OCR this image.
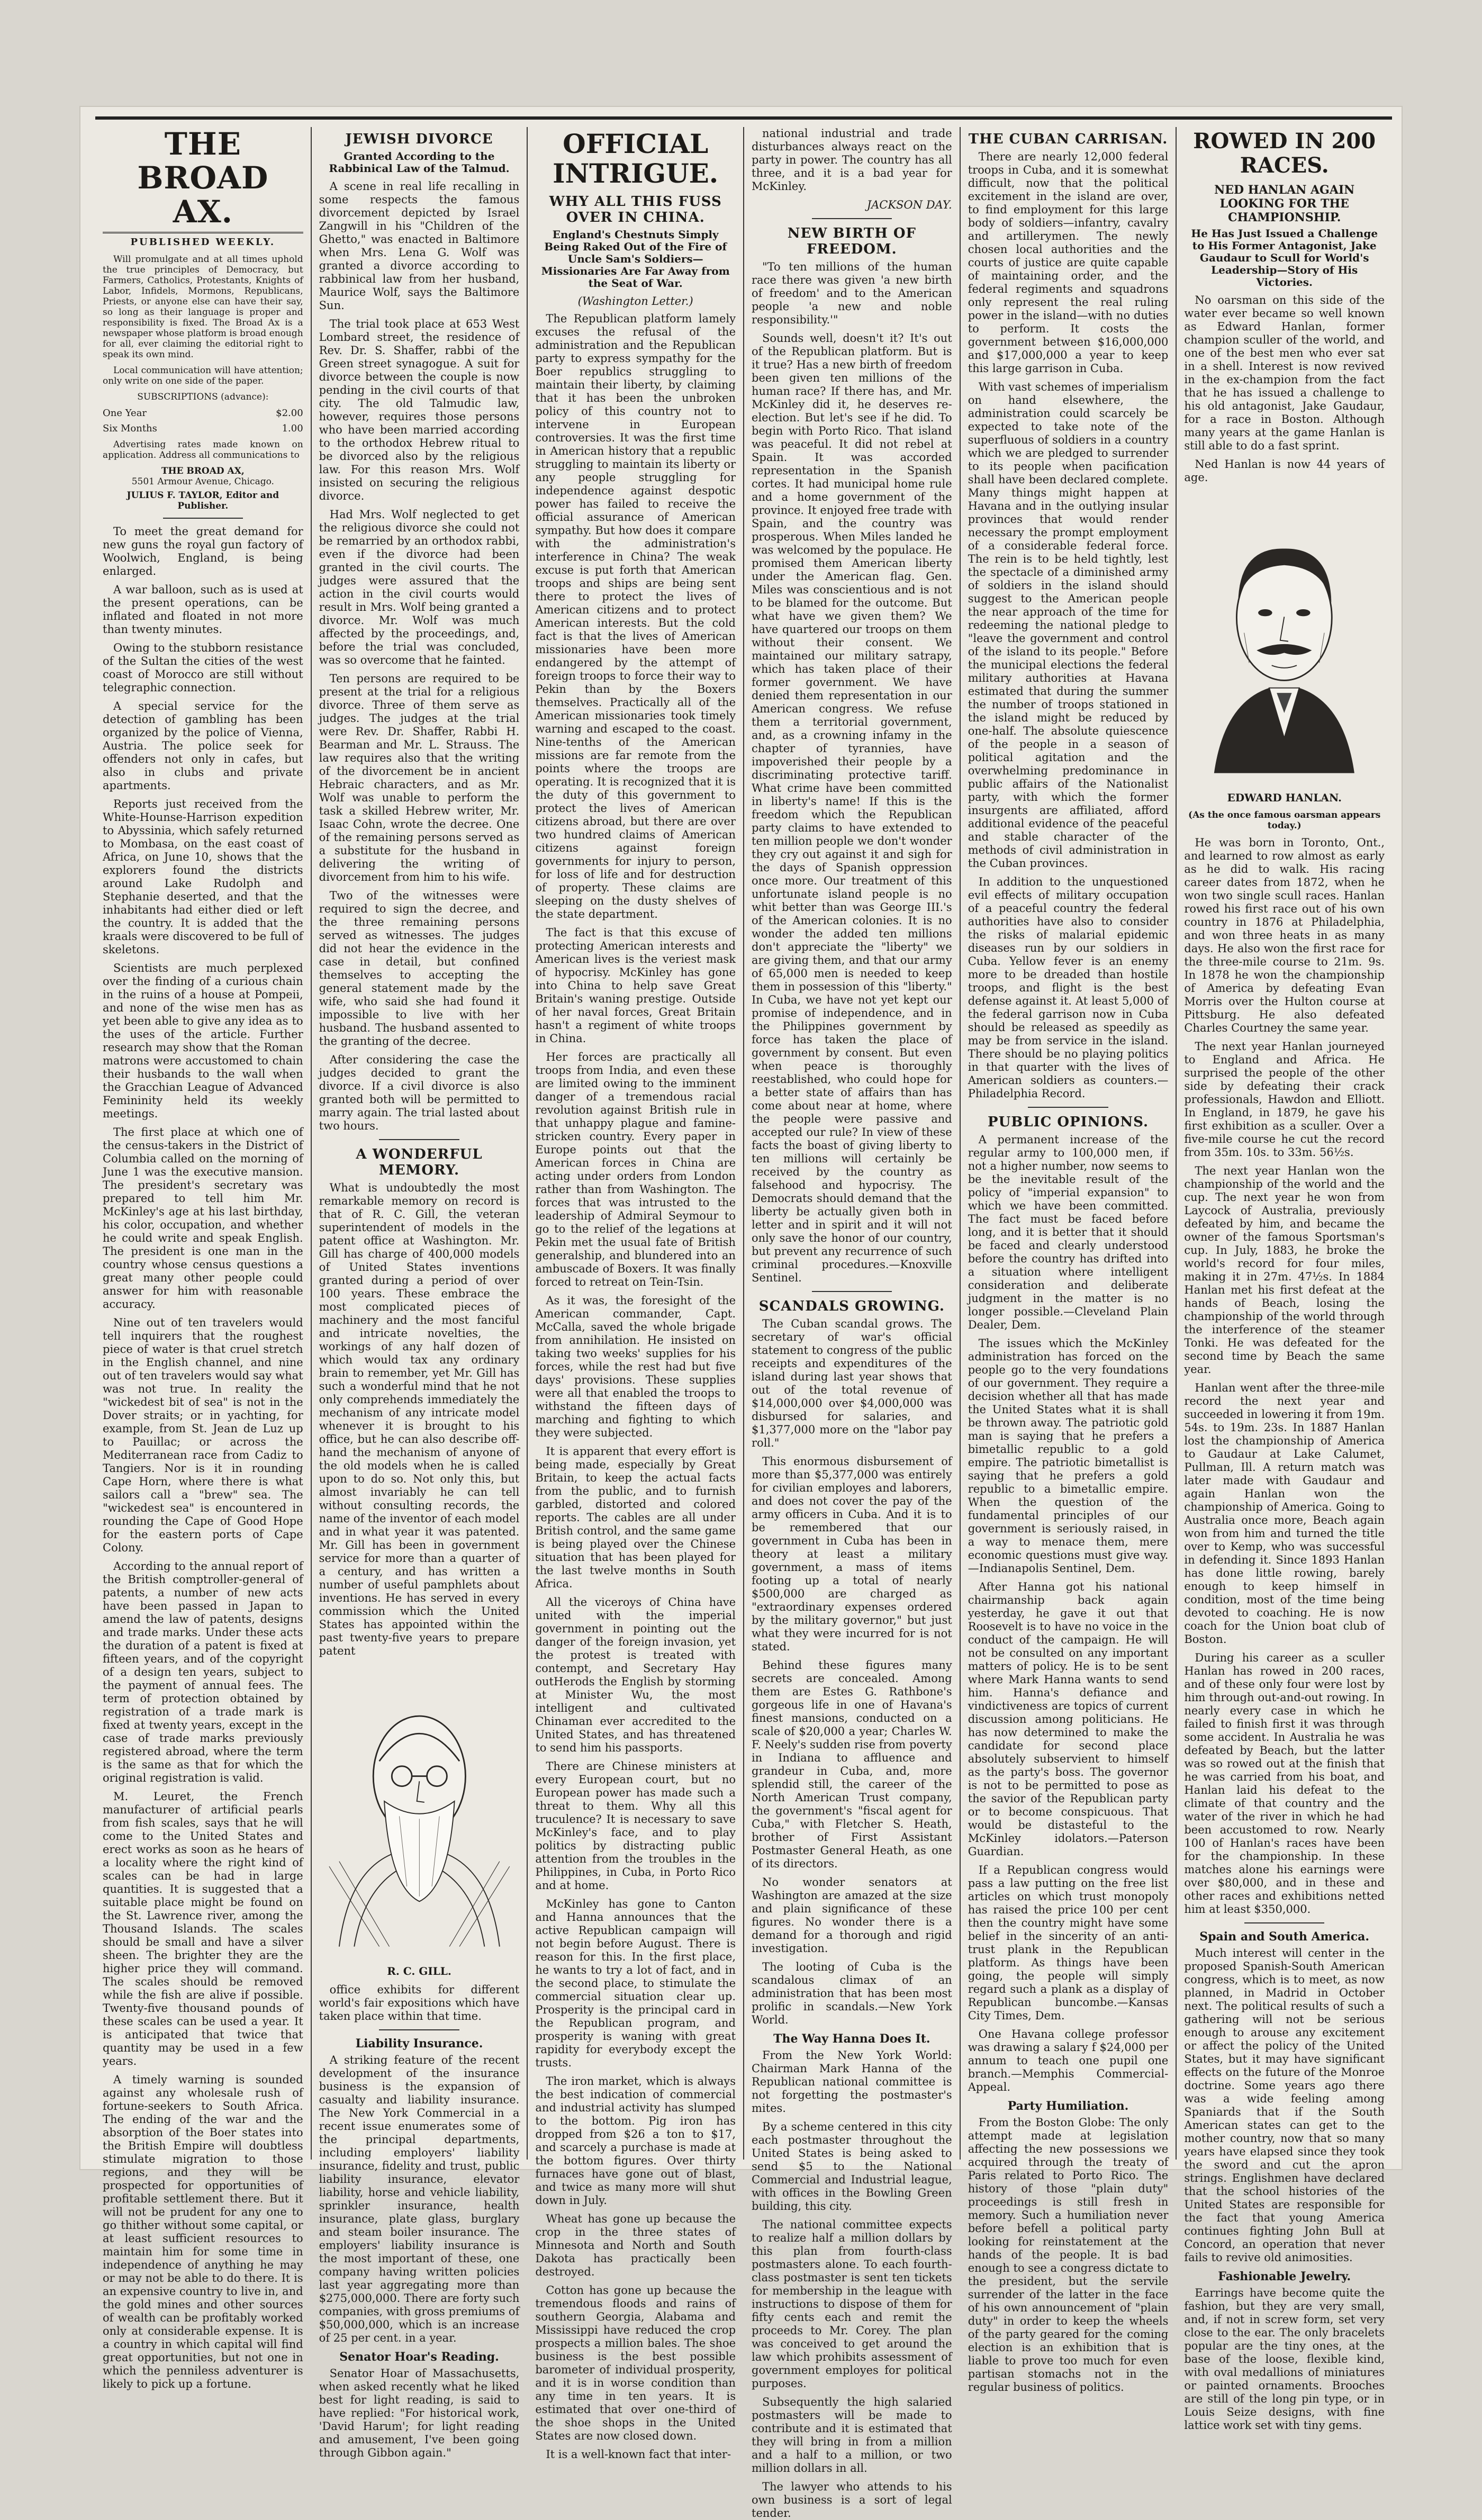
THE BROAD AX.
PUBLISHED WEEKLY.

Will promulgate and at all times uphold the true principles of Democracy, but Farmers, Catholics, Protestants, Knights of Labor, Infidels, Mormons, Republicans, Priests, or anyone else can have their say, so long as their language is proper and responsibility is fixed. The Broad Ax is a newspaper whose platform is broad enough for all, ever claiming the editorial right to speak its own mind.

Local communication will have attention; only write on one side of the paper.

SUBSCRIPTIONS (advance):
One Year	$2.00
Six Months	1.00

Advertising rates made known on application. Address all communications to

THE BROAD AX,
5501 Armour Avenue, Chicago.
JULIUS F. TAYLOR, Editor and Publisher.

To meet the great demand for new guns the royal gun factory of Woolwich, England, is being enlarged.

A war balloon, such as is used at the present operations, can be inflated and floated in not more than twenty minutes.

Owing to the stubborn resistance of the Sultan the cities of the west coast of Morocco are still without telegraphic connection.

A special service for the detection of gambling has been organized by the police of Vienna, Austria. The police seek for offenders not only in cafes, but also in clubs and private apartments.

Reports just received from the White-Hounse-Harrison expedition to Abyssinia, which safely returned to Mombasa, on the east coast of Africa, on June 10, shows that the explorers found the districts around Lake Rudolph and Stephanie deserted, and that the inhabitants had either died or left the country. It is added that the kraals were discovered to be full of skeletons.

Scientists are much perplexed over the finding of a curious chain in the ruins of a house at Pompeii, and none of the wise men has as yet been able to give any idea as to the uses of the article. Further research may show that the Roman matrons were accustomed to chain their husbands to the wall when the Gracchian League of Advanced Femininity held its weekly meetings.

The first place at which one of the census-takers in the District of Columbia called on the morning of June 1 was the executive mansion. The president's secretary was prepared to tell him Mr. McKinley's age at his last birthday, his color, occupation, and whether he could write and speak English. The president is one man in the country whose census questions a great many other people could answer for him with reasonable accuracy.

Nine out of ten travelers would tell inquirers that the roughest piece of water is that cruel stretch in the English channel, and nine out of ten travelers would say what was not true. In reality the "wickedest bit of sea" is not in the Dover straits; or in yachting, for example, from St. Jean de Luz up to Pauillac; or across the Mediterranean race from Cadiz to Tangiers. Nor is it in rounding Cape Horn, where there is what sailors call a "brew" sea. The "wickedest sea" is encountered in rounding the Cape of Good Hope for the eastern ports of Cape Colony.

According to the annual report of the British comptroller-general of patents, a number of new acts have been passed in Japan to amend the law of patents, designs and trade marks. Under these acts the duration of a patent is fixed at fifteen years, and of the copyright of a design ten years, subject to the payment of annual fees. The term of protection obtained by registration of a trade mark is fixed at twenty years, except in the case of trade marks previously registered abroad, where the term is the same as that for which the original registration is valid.

M. Leuret, the French manufacturer of artificial pearls from fish scales, says that he will come to the United States and erect works as soon as he hears of a locality where the right kind of scales can be had in large quantities. It is suggested that a suitable place might be found on the St. Lawrence river, among the Thousand Islands. The scales should be small and have a silver sheen. The brighter they are the higher price they will command. The scales should be removed while the fish are alive if possible. Twenty-five thousand pounds of these scales can be used a year. It is anticipated that twice that quantity may be used in a few years.

A timely warning is sounded against any wholesale rush of fortune-seekers to South Africa. The ending of the war and the absorption of the Boer states into the British Empire will doubtless stimulate migration to those regions, and they will be prospected for opportunities of profitable settlement there. But it will not be prudent for any one to go thither without some capital, or at least sufficient resources to maintain him for some time in independence of anything he may or may not be able to do there. It is an expensive country to live in, and the gold mines and other sources of wealth can be profitably worked only at considerable expense. It is a country in which capital will find great opportunities, but not one in which the penniless adventurer is likely to pick up a fortune.

JEWISH DIVORCE
Granted According to the Rabbinical Law of the Talmud.

A scene in real life recalling in some respects the famous divorcement depicted by Israel Zangwill in his "Children of the Ghetto," was enacted in Baltimore when Mrs. Lena G. Wolf was granted a divorce according to rabbinical law from her husband, Maurice Wolf, says the Baltimore Sun.

The trial took place at 653 West Lombard street, the residence of Rev. Dr. S. Shaffer, rabbi of the Green street synagogue. A suit for divorce between the couple is now pending in the civil courts of that city. The old Talmudic law, however, requires those persons who have been married according to the orthodox Hebrew ritual to be divorced also by the religious law. For this reason Mrs. Wolf insisted on securing the religious divorce.

Had Mrs. Wolf neglected to get the religious divorce she could not be remarried by an orthodox rabbi, even if the divorce had been granted in the civil courts. The judges were assured that the action in the civil courts would result in Mrs. Wolf being granted a divorce. Mr. Wolf was much affected by the proceedings, and, before the trial was concluded, was so overcome that he fainted.

Ten persons are required to be present at the trial for a religious divorce. Three of them serve as judges. The judges at the trial were Rev. Dr. Shaffer, Rabbi H. Bearman and Mr. L. Strauss. The law requires also that the writing of the divorcement be in ancient Hebraic characters, and as Mr. Wolf was unable to perform the task a skilled Hebrew writer, Mr. Isaac Cohn, wrote the decree. One of the remaining persons served as a substitute for the husband in delivering the writing of divorcement from him to his wife.

Two of the witnesses were required to sign the decree, and the three remaining persons served as witnesses. The judges did not hear the evidence in the case in detail, but confined themselves to accepting the general statement made by the wife, who said she had found it impossible to live with her husband. The husband assented to the granting of the decree.

After considering the case the judges decided to grant the divorce. If a civil divorce is also granted both will be permitted to marry again. The trial lasted about two hours.

A WONDERFUL MEMORY.

What is undoubtedly the most remarkable memory on record is that of R. C. Gill, the veteran superintendent of models in the patent office at Washington. Mr. Gill has charge of 400,000 models of United States inventions granted during a period of over 100 years. These embrace the most complicated pieces of machinery and the most fanciful and intricate novelties, the workings of any half dozen of which would tax any ordinary brain to remember, yet Mr. Gill has such a wonderful mind that he not only comprehends immediately the mechanism of any intricate model whenever it is brought to his office, but he can also describe off-hand the mechanism of anyone of the old models when he is called upon to do so. Not only this, but almost invariably he can tell without consulting records, the name of the inventor of each model and in what year it was patented. Mr. Gill has been in government service for more than a quarter of a century, and has written a number of useful pamphlets about inventions. He has served in every commission which the United States has appointed within the past twenty-five years to prepare patent

R. C. GILL.

office exhibits for different world's fair expositions which have taken place within that time.

Liability Insurance.

A striking feature of the recent development of the insurance business is the expansion of casualty and liability insurance. The New York Commercial in a recent issue enumerates some of the principal departments, including employers' liability insurance, fidelity and trust, public liability insurance, elevator liability, horse and vehicle liability, sprinkler insurance, health insurance, plate glass, burglary and steam boiler insurance. The employers' liability insurance is the most important of these, one company having written policies last year aggregating more than $275,000,000. There are forty such companies, with gross premiums of $50,000,000, which is an increase of 25 per cent. in a year.

Senator Hoar's Reading.

Senator Hoar of Massachusetts, when asked recently what he liked best for light reading, is said to have replied: "For historical work, 'David Harum'; for light reading and amusement, I've been going through Gibbon again."

OFFICIAL INTRIGUE.
WHY ALL THIS FUSS OVER IN CHINA.
England's Chestnuts Simply Being Raked Out of the Fire of Uncle Sam's Soldiers—Missionaries Are Far Away from the Seat of War.
(Washington Letter.)

The Republican platform lamely excuses the refusal of the administration and the Republican party to express sympathy for the Boer republics struggling to maintain their liberty, by claiming that it has been the unbroken policy of this country not to intervene in European controversies. It was the first time in American history that a republic struggling to maintain its liberty or any people struggling for independence against despotic power has failed to receive the official assurance of American sympathy. But how does it compare with the administration's interference in China? The weak excuse is put forth that American troops and ships are being sent there to protect the lives of American citizens and to protect American interests. But the cold fact is that the lives of American missionaries have been more endangered by the attempt of foreign troops to force their way to Pekin than by the Boxers themselves. Practically all of the American missionaries took timely warning and escaped to the coast. Nine-tenths of the American missions are far remote from the points where the troops are operating. It is recognized that it is the duty of this government to protect the lives of American citizens abroad, but there are over two hundred claims of American citizens against foreign governments for injury to person, for loss of life and for destruction of property. These claims are sleeping on the dusty shelves of the state department.

The fact is that this excuse of protecting American interests and American lives is the veriest mask of hypocrisy. McKinley has gone into China to help save Great Britain's waning prestige. Outside of her naval forces, Great Britain hasn't a regiment of white troops in China.

Her forces are practically all troops from India, and even these are limited owing to the imminent danger of a tremendous racial revolution against British rule in that unhappy plague and famine-stricken country. Every paper in Europe points out that the American forces in China are acting under orders from London rather than from Washington. The forces that was intrusted to the leadership of Admiral Seymour to go to the relief of the legations at Pekin met the usual fate of British generalship, and blundered into an ambuscade of Boxers. It was finally forced to retreat on Tein-Tsin.

As it was, the foresight of the American commander, Capt. McCalla, saved the whole brigade from annihilation. He insisted on taking two weeks' supplies for his forces, while the rest had but five days' provisions. These supplies were all that enabled the troops to withstand the fifteen days of marching and fighting to which they were subjected.

It is apparent that every effort is being made, especially by Great Britain, to keep the actual facts from the public, and to furnish garbled, distorted and colored reports. The cables are all under British control, and the same game is being played over the Chinese situation that has been played for the last twelve months in South Africa.

All the viceroys of China have united with the imperial government in pointing out the danger of the foreign invasion, yet the protest is treated with contempt, and Secretary Hay outHerods the English by storming at Minister Wu, the most intelligent and cultivated Chinaman ever accredited to the United States, and has threatened to send him his passports.

There are Chinese ministers at every European court, but no European power has made such a threat to them. Why all this truculence? It is necessary to save McKinley's face, and to play politics by distracting public attention from the troubles in the Philippines, in Cuba, in Porto Rico and at home.

McKinley has gone to Canton and Hanna announces that the active Republican campaign will not begin before August. There is reason for this. In the first place, he wants to try a lot of fact, and in the second place, to stimulate the commercial situation clear up. Prosperity is the principal card in the Republican program, and prosperity is waning with great rapidity for everybody except the trusts.

The iron market, which is always the best indication of commercial and industrial activity has slumped to the bottom. Pig iron has dropped from $26 a ton to $17, and scarcely a purchase is made at the bottom figures. Over thirty furnaces have gone out of blast, and twice as many more will shut down in July.

Wheat has gone up because the crop in the three states of Minnesota and North and South Dakota has practically been destroyed.

Cotton has gone up because the tremendous floods and rains of southern Georgia, Alabama and Mississippi have reduced the crop prospects a million bales. The shoe business is the best possible barometer of individual prosperity, and it is in worse condition than any time in ten years. It is estimated that over one-third of the shoe shops in the United States are now closed down.

It is a well-known fact that inter-

national industrial and trade disturbances always react on the party in power. The country has all three, and it is a bad year for McKinley.

JACKSON DAY.
NEW BIRTH OF FREEDOM.

"To ten millions of the human race there was given 'a new birth of freedom' and to the American people 'a new and noble responsibility.'"

Sounds well, doesn't it? It's out of the Republican platform. But is it true? Has a new birth of freedom been given ten millions of the human race? If there has, and Mr. McKinley did it, he deserves re-election. But let's see if he did. To begin with Porto Rico. That island was peaceful. It did not rebel at Spain. It was accorded representation in the Spanish cortes. It had municipal home rule and a home government of the province. It enjoyed free trade with Spain, and the country was prosperous. When Miles landed he was welcomed by the populace. He promised them American liberty under the American flag. Gen. Miles was conscientious and is not to be blamed for the outcome. But what have we given them? We have quartered our troops on them without their consent. We maintained our military satrapy, which has taken place of their former government. We have denied them representation in our American congress. We refuse them a territorial government, and, as a crowning infamy in the chapter of tyrannies, have impoverished their people by a discriminating protective tariff. What crime have been committed in liberty's name! If this is the freedom which the Republican party claims to have extended to ten million people we don't wonder they cry out against it and sigh for the days of Spanish oppression once more. Our treatment of this unfortunate island people is no whit better than was George III.'s of the American colonies. It is no wonder the added ten millions don't appreciate the "liberty" we are giving them, and that our army of 65,000 men is needed to keep them in possession of this "liberty." In Cuba, we have not yet kept our promise of independence, and in the Philippines government by force has taken the place of government by consent. But even when peace is thoroughly reestablished, who could hope for a better state of affairs than has come about near at home, where the people were passive and accepted our rule? In view of these facts the boast of giving liberty to ten millions will certainly be received by the country as falsehood and hypocrisy. The Democrats should demand that the liberty be actually given both in letter and in spirit and it will not only save the honor of our country, but prevent any recurrence of such criminal procedures.—Knoxville Sentinel.

SCANDALS GROWING.

The Cuban scandal grows. The secretary of war's official statement to congress of the public receipts and expenditures of the island during last year shows that out of the total revenue of $14,000,000 over $4,000,000 was disbursed for salaries, and $1,377,000 more on the "labor pay roll."

This enormous disbursement of more than $5,377,000 was entirely for civilian employes and laborers, and does not cover the pay of the army officers in Cuba. And it is to be remembered that our government in Cuba has been in theory at least a military government, a mass of items footing up a total of nearly $500,000 are charged as "extraordinary expenses ordered by the military governor," but just what they were incurred for is not stated.

Behind these figures many secrets are concealed. Among them are Estes G. Rathbone's gorgeous life in one of Havana's finest mansions, conducted on a scale of $20,000 a year; Charles W. F. Neely's sudden rise from poverty in Indiana to affluence and grandeur in Cuba, and, more splendid still, the career of the North American Trust company, the government's "fiscal agent for Cuba," with Fletcher S. Heath, brother of First Assistant Postmaster General Heath, as one of its directors.

No wonder senators at Washington are amazed at the size and plain significance of these figures. No wonder there is a demand for a thorough and rigid investigation.

The looting of Cuba is the scandalous climax of an administration that has been most prolific in scandals.—New York World.

The Way Hanna Does It.

From the New York World: Chairman Mark Hanna of the Republican national committee is not forgetting the postmaster's mites.

By a scheme centered in this city each postmaster throughout the United States is being asked to send $5 to the National Commercial and Industrial league, with offices in the Bowling Green building, this city.

The national committee expects to realize half a million dollars by this plan from fourth-class postmasters alone. To each fourth-class postmaster is sent ten tickets for membership in the league with instructions to dispose of them for fifty cents each and remit the proceeds to Mr. Corey. The plan was conceived to get around the law which prohibits assessment of government employes for political purposes.

Subsequently the high salaried postmasters will be made to contribute and it is estimated that they will bring in from a million and a half to a million, or two million dollars in all.

The lawyer who attends to his own business is a sort of legal tender.

THE CUBAN CARRISAN.

There are nearly 12,000 federal troops in Cuba, and it is somewhat difficult, now that the political excitement in the island are over, to find employment for this large body of soldiers—infantry, cavalry and artillerymen. The newly chosen local authorities and the courts of justice are quite capable of maintaining order, and the federal regiments and squadrons only represent the real ruling power in the island—with no duties to perform. It costs the government between $16,000,000 and $17,000,000 a year to keep this large garrison in Cuba.

With vast schemes of imperialism on hand elsewhere, the administration could scarcely be expected to take note of the superfluous of soldiers in a country which we are pledged to surrender to its people when pacification shall have been declared complete. Many things might happen at Havana and in the outlying insular provinces that would render necessary the prompt employment of a considerable federal force. The rein is to be held tightly, lest the spectacle of a diminished army of soldiers in the island should suggest to the American people the near approach of the time for redeeming the national pledge to "leave the government and control of the island to its people." Before the municipal elections the federal military authorities at Havana estimated that during the summer the number of troops stationed in the island might be reduced by one-half. The absolute quiescence of the people in a season of political agitation and the overwhelming predominance in public affairs of the Nationalist party, with which the former insurgents are affiliated, afford additional evidence of the peaceful and stable character of the methods of civil administration in the Cuban provinces.

In addition to the unquestioned evil effects of military occupation of a peaceful country the federal authorities have also to consider the risks of malarial epidemic diseases run by our soldiers in Cuba. Yellow fever is an enemy more to be dreaded than hostile troops, and flight is the best defense against it. At least 5,000 of the federal garrison now in Cuba should be released as speedily as may be from service in the island. There should be no playing politics in that quarter with the lives of American soldiers as counters.—Philadelphia Record.

PUBLIC OPINIONS.

A permanent increase of the regular army to 100,000 men, if not a higher number, now seems to be the inevitable result of the policy of "imperial expansion" to which we have been committed. The fact must be faced before long, and it is better that it should be faced and clearly understood before the country has drifted into a situation where intelligent consideration and deliberate judgment in the matter is no longer possible.—Cleveland Plain Dealer, Dem.

The issues which the McKinley administration has forced on the people go to the very foundations of our government. They require a decision whether all that has made the United States what it is shall be thrown away. The patriotic gold man is saying that he prefers a bimetallic republic to a gold empire. The patriotic bimetallist is saying that he prefers a gold republic to a bimetallic empire. When the question of the fundamental principles of our government is seriously raised, in a way to menace them, mere economic questions must give way.—Indianapolis Sentinel, Dem.

After Hanna got his national chairmanship back again yesterday, he gave it out that Roosevelt is to have no voice in the conduct of the campaign. He will not be consulted on any important matters of policy. He is to be sent where Mark Hanna wants to send him. Hanna's defiance and vindictiveness are topics of current discussion among politicians. He has now determined to make the candidate for second place absolutely subservient to himself as the party's boss. The governor is not to be permitted to pose as the savior of the Republican party or to become conspicuous. That would be distasteful to the McKinley idolators.—Paterson Guardian.

If a Republican congress would pass a law putting on the free list articles on which trust monopoly has raised the price 100 per cent then the country might have some belief in the sincerity of an anti-trust plank in the Republican platform. As things have been going, the people will simply regard such a plank as a display of Republican buncombe.—Kansas City Times, Dem.

One Havana college professor was drawing a salary f $24,000 per annum to teach one pupil one branch.—Memphis Commercial-Appeal.

Party Humiliation.

From the Boston Globe: The only attempt made at legislation affecting the new possessions we acquired through the treaty of Paris related to Porto Rico. The history of those "plain duty" proceedings is still fresh in memory. Such a humiliation never before befell a political party looking for reinstatement at the hands of the people. It is bad enough to see a congress dictate to the president, but the servile surrender of the latter in the face of his own announcement of "plain duty" in order to keep the wheels of the party geared for the coming election is an exhibition that is liable to prove too much for even partisan stomachs not in the regular business of politics.

ROWED IN 200 RACES.
NED HANLAN AGAIN LOOKING FOR THE CHAMPIONSHIP.
He Has Just Issued a Challenge to His Former Antagonist, Jake Gaudaur to Scull for World's Leadership—Story of His Victories.

No oarsman on this side of the water ever became so well known as Edward Hanlan, former champion sculler of the world, and one of the best men who ever sat in a shell. Interest is now revived in the ex-champion from the fact that he has issued a challenge to his old antagonist, Jake Gaudaur, for a race in Boston. Although many years at the game Hanlan is still able to do a fast sprint.

Ned Hanlan is now 44 years of age.

EDWARD HANLAN.
(As the once famous oarsman appears today.)

He was born in Toronto, Ont., and learned to row almost as early as he did to walk. His racing career dates from 1872, when he won two single scull races. Hanlan rowed his first race out of his own country in 1876 at Philadelphia, and won three heats in as many days. He also won the first race for the three-mile course to 21m. 9s. In 1878 he won the championship of America by defeating Evan Morris over the Hulton course at Pittsburg. He also defeated Charles Courtney the same year.

The next year Hanlan journeyed to England and Africa. He surprised the people of the other side by defeating their crack professionals, Hawdon and Elliott. In England, in 1879, he gave his first exhibition as a sculler. Over a five-mile course he cut the record from 35m. 10s. to 33m. 56½s.

The next year Hanlan won the championship of the world and the cup. The next year he won from Laycock of Australia, previously defeated by him, and became the owner of the famous Sportsman's cup. In July, 1883, he broke the world's record for four miles, making it in 27m. 47½s. In 1884 Hanlan met his first defeat at the hands of Beach, losing the championship of the world through the interference of the steamer Tonki. He was defeated for the second time by Beach the same year.

Hanlan went after the three-mile record the next year and succeeded in lowering it from 19m. 54s. to 19m. 23s. In 1887 Hanlan lost the championship of America to Gaudaur at Lake Calumet, Pullman, Ill. A return match was later made with Gaudaur and again Hanlan won the championship of America. Going to Australia once more, Beach again won from him and turned the title over to Kemp, who was successful in defending it. Since 1893 Hanlan has done little rowing, barely enough to keep himself in condition, most of the time being devoted to coaching. He is now coach for the Union boat club of Boston.

During his career as a sculler Hanlan has rowed in 200 races, and of these only four were lost by him through out-and-out rowing. In nearly every case in which he failed to finish first it was through some accident. In Australia he was defeated by Beach, but the latter was so rowed out at the finish that he was carried from his boat, and Hanlan laid his defeat to the climate of that country and the water of the river in which he had been accustomed to row. Nearly 100 of Hanlan's races have been for the championship. In these matches alone his earnings were over $80,000, and in these and other races and exhibitions netted him at least $350,000.

Spain and South America.

Much interest will center in the proposed Spanish-South American congress, which is to meet, as now planned, in Madrid in October next. The political results of such a gathering will not be serious enough to arouse any excitement or affect the policy of the United States, but it may have significant effects on the future of the Monroe doctrine. Some years ago there was a wide feeling among Spaniards that if the South American states can get to the mother country, now that so many years have elapsed since they took the sword and cut the apron strings. Englishmen have declared that the school histories of the United States are responsible for the fact that young America continues fighting John Bull at Concord, an operation that never fails to revive old animosities.

Fashionable Jewelry.

Earrings have become quite the fashion, but they are very small, and, if not in screw form, set very close to the ear. The only bracelets popular are the tiny ones, at the base of the loose, flexible kind, with oval medallions of miniatures or painted ornaments. Brooches are still of the long pin type, or in Louis Seize designs, with fine lattice work set with tiny gems.
